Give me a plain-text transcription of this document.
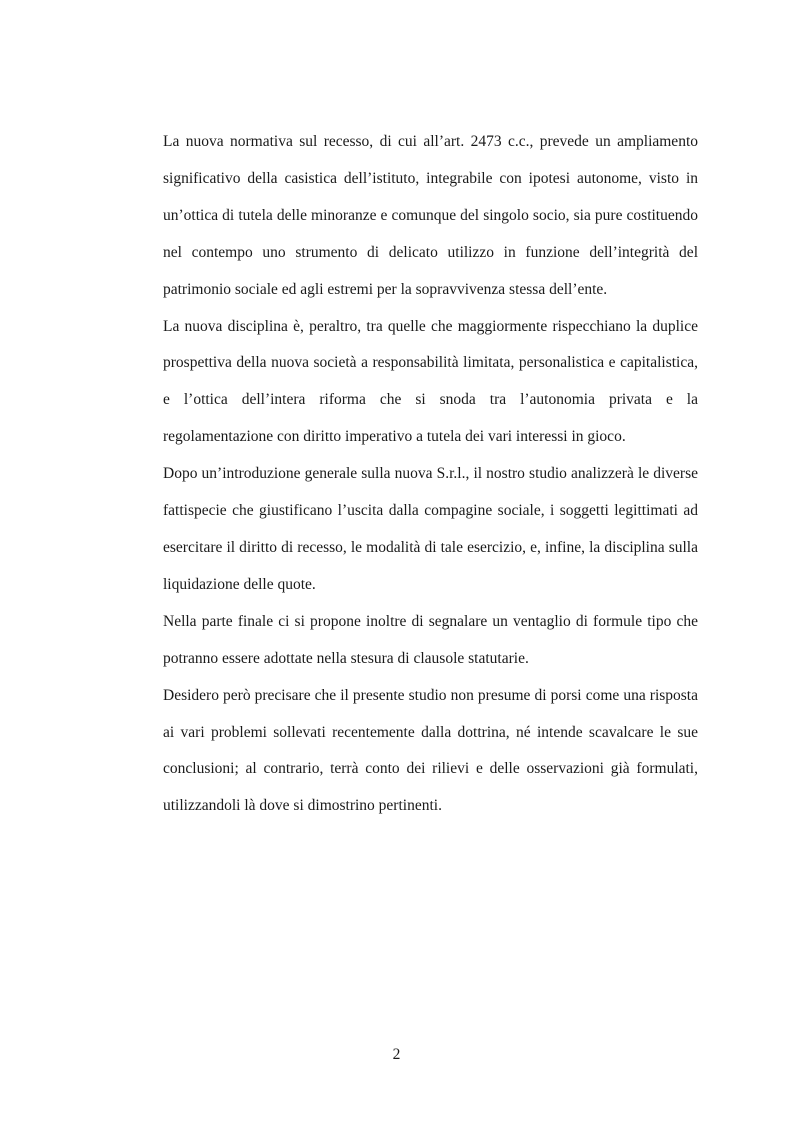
La nuova normativa sul recesso, di cui all’art. 2473 c.c., prevede un ampliamento significativo della casistica dell’istituto, integrabile con ipotesi autonome, visto in un’ottica di tutela delle minoranze e comunque del singolo socio, sia pure costituendo nel contempo uno strumento di delicato utilizzo in funzione dell’integrità del patrimonio sociale ed agli estremi per la sopravvivenza stessa dell’ente.

La nuova disciplina è, peraltro, tra quelle che maggiormente rispecchiano la duplice prospettiva della nuova società a responsabilità limitata, personalistica e capitalistica, e l’ottica dell’intera riforma che si snoda tra l’autonomia privata e la regolamentazione con diritto imperativo a tutela dei vari interessi in gioco.

Dopo un’introduzione generale sulla nuova S.r.l., il nostro studio analizzerà le diverse fattispecie che giustificano l’uscita dalla compagine sociale, i soggetti legittimati ad esercitare il diritto di recesso, le modalità di tale esercizio, e, infine, la disciplina sulla liquidazione delle quote.

Nella parte finale ci si propone inoltre di segnalare un ventaglio di formule tipo che potranno essere adottate nella stesura di clausole statutarie.

Desidero però precisare che il presente studio non presume di porsi come una risposta ai vari problemi sollevati recentemente dalla dottrina, né intende scavalcare le sue conclusioni; al contrario, terrà conto dei rilievi e delle osservazioni già formulati, utilizzandoli là dove si dimostrino pertinenti.

2
